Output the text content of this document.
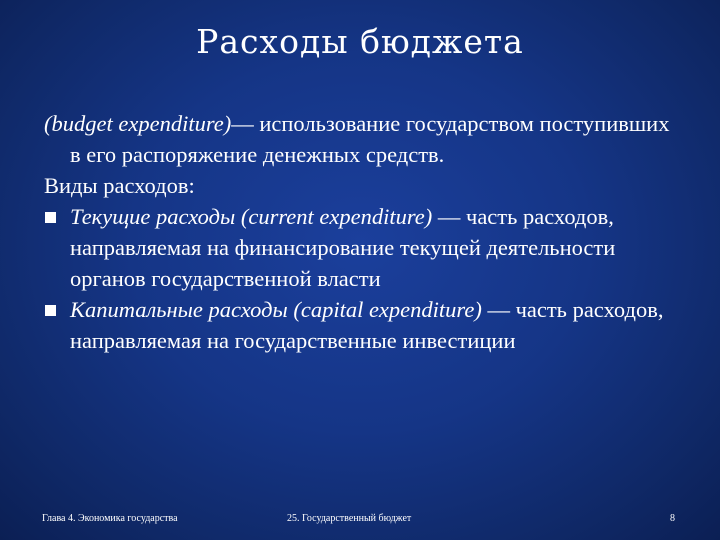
Расходы бюджета
(budget expenditure)— использование государством поступивших в его распоряжение денежных средств.
Виды расходов:
Текущие расходы (current expenditure) — часть расходов, направляемая на финансирование текущей деятельности органов государственной власти
Капитальные расходы (capital expenditure) — часть расходов, направляемая на государственные инвестиции
Глава 4. Экономика государства	25. Государственный бюджет	8
